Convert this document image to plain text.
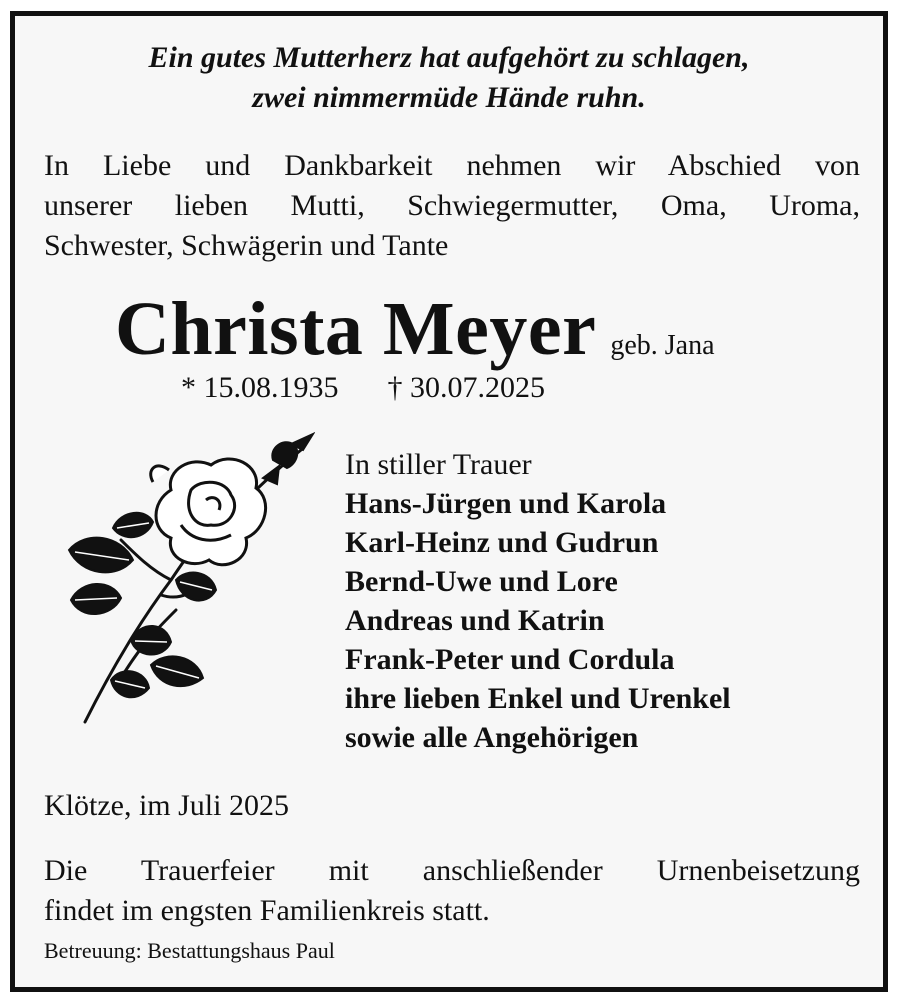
Ein gutes Mutterherz hat aufgehört zu schlagen,
zwei nimmermüde Hände ruhn.
In Liebe und Dankbarkeit nehmen wir Abschied von
unserer lieben Mutti, Schwiegermutter, Oma, Uroma,
Schwester, Schwägerin und Tante
Christa Meyer geb. Jana
* 15.08.1935 † 30.07.2025
In stiller Trauer
Hans-Jürgen und Karola
Karl-Heinz und Gudrun
Bernd-Uwe und Lore
Andreas und Katrin
Frank-Peter und Cordula
ihre lieben Enkel und Urenkel
sowie alle Angehörigen
Klötze, im Juli 2025
Die Trauerfeier mit anschließender Urnenbeisetzung
findet im engsten Familienkreis statt.
Betreuung: Bestattungshaus Paul
